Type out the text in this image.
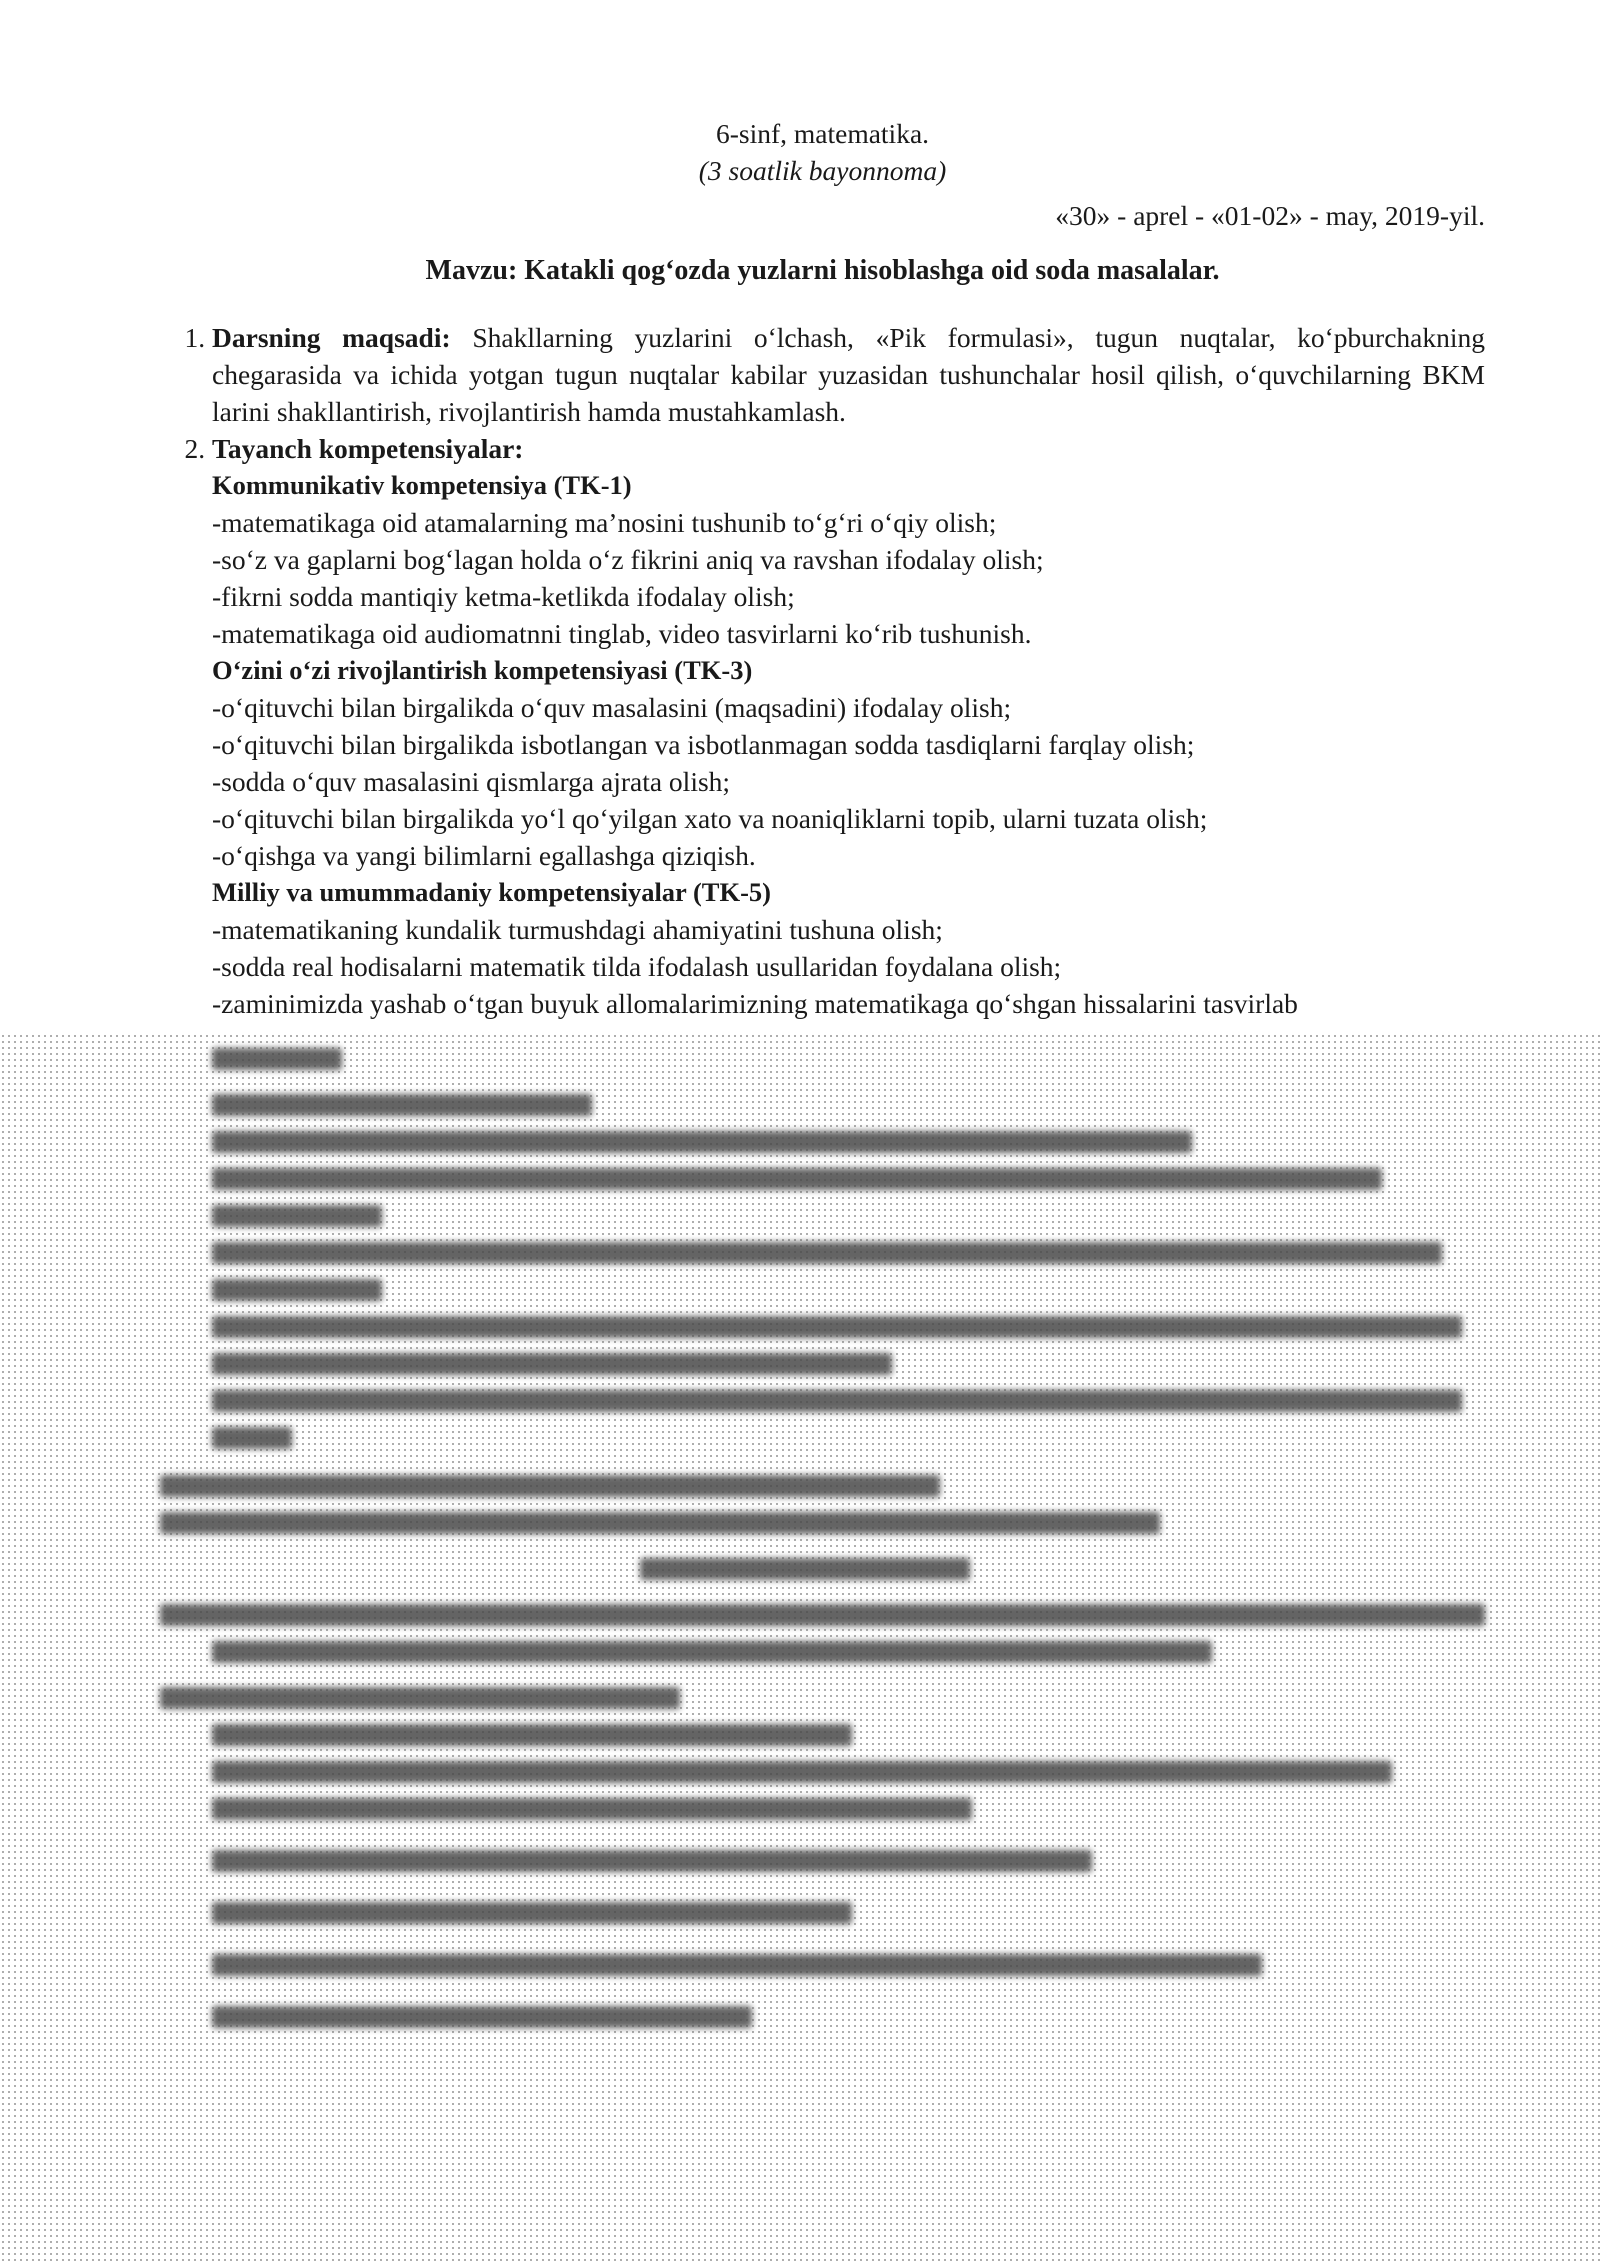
6-sinf, matematika.
(3 soatlik bayonnoma)
«30» - aprel - «01-02» - may, 2019-yil.
Mavzu: Katakli qog‘ozda yuzlarni hisoblashga oid soda masalalar.
1. Darsning maqsadi: Shakllarning yuzlarini o‘lchash, «Pik formulasi», tugun nuqtalar, ko‘pburchakning chegarasida va ichida yotgan tugun nuqtalar kabilar yuzasidan tushunchalar hosil qilish, o‘quvchilarning BKM larini shakllantirish, rivojlantirish hamda mustahkamlash.
2. Tayanch kompetensiyalar:
Kommunikativ kompetensiya (TK-1)
-matematikaga oid atamalarning ma’nosini tushunib to‘g‘ri o‘qiy olish;
-so‘z va gaplarni bog‘lagan holda o‘z fikrini aniq va ravshan ifodalay olish;
-fikrni sodda mantiqiy ketma-ketlikda ifodalay olish;
-matematikaga oid audiomatnni tinglab, video tasvirlarni ko‘rib tushunish.
O‘zini o‘zi rivojlantirish kompetensiyasi (TK-3)
-o‘qituvchi bilan birgalikda o‘quv masalasini (maqsadini) ifodalay olish;
-o‘qituvchi bilan birgalikda isbotlangan va isbotlanmagan sodda tasdiqlarni farqlay olish;
-sodda o‘quv masalasini qismlarga ajrata olish;
-o‘qituvchi bilan birgalikda yo‘l qo‘yilgan xato va noaniqliklarni topib, ularni tuzata olish;
-o‘qishga va yangi bilimlarni egallashga qiziqish.
Milliy va umummadaniy kompetensiyalar (TK-5)
-matematikaning kundalik turmushdagi ahamiyatini tushuna olish;
-sodda real hodisalarni matematik tilda ifodalash usullaridan foydalana olish;
-zaminimizda yashab o‘tgan buyuk allomalarimizning matematikaga qo‘shgan hissalarini tasvirlab
